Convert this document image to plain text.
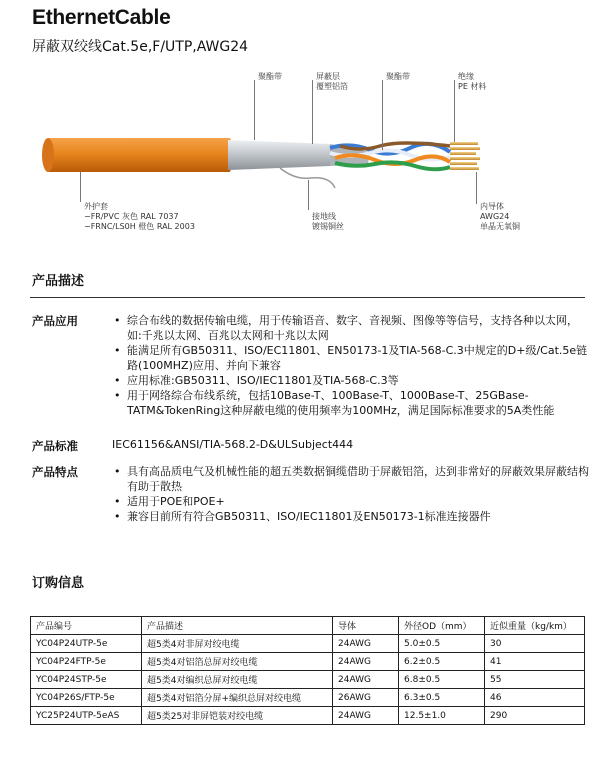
EthernetCable
屏蔽双绞线Cat.5e,F/UTP,AWG24
聚酯带	屏蔽层
覆塑铝箔
聚酯带	绝缘
PE 材料
外护套
−FR/PVC 灰色 RAL 7037
−FRNC/LS0H 橙色 RAL 2003
接地线
镀锡铜丝
内导体
AWG24
单晶无氧铜
产品描述
产品应用	• 综合布线的数据传输电缆，用于传输语音、数字、音视频、图像等等信号，支持各种以太网，如:千兆以太网、百兆以太网和十兆以太网
• 能满足所有GB50311、ISO/EC11801、EN50173-1及TIA-568-C.3中规定的D+级/Cat.5e链路(100MHZ)应用、并向下兼容
• 应用标准:GB50311、ISO/IEC11801及TIA-568-C.3等
• 用于网络综合布线系统，包括10Base-T、100Base-T、1000Base-T、25GBase-TATM&TokenRing这种屏蔽电缆的使用频率为100MHz，满足国际标准要求的5A类性能
产品标准	IEC61156&ANSI/TIA-568.2-D&ULSubject444
产品特点	• 具有高品质电气及机械性能的超五类数据铜缆借助于屏蔽铝箔，达到非常好的屏蔽效果屏蔽结构有助于散热
• 适用于POE和POE+
• 兼容目前所有符合GB50311、ISO/IEC11801及EN50173-1标准连接器件
订购信息
产品编号	产品描述	导体	外径OD（mm）	近似重量（kg/km）
YC04P24UTP-5e	超5类4对非屏对绞电缆	24AWG	5.0±0.5	30
YC04P24FTP-5e	超5类4对铝箔总屏对绞电缆	24AWG	6.2±0.5	41
YC04P24STP-5e	超5类4对编织总屏对绞电缆	24AWG	6.8±0.5	55
YC04P26S/FTP-5e	超5类4对铝箔分屏+编织总屏对绞电缆	26AWG	6.3±0.5	46
YC25P24UTP-5eAS	超5类25对非屏铠装对绞电缆	24AWG	12.5±1.0	290
